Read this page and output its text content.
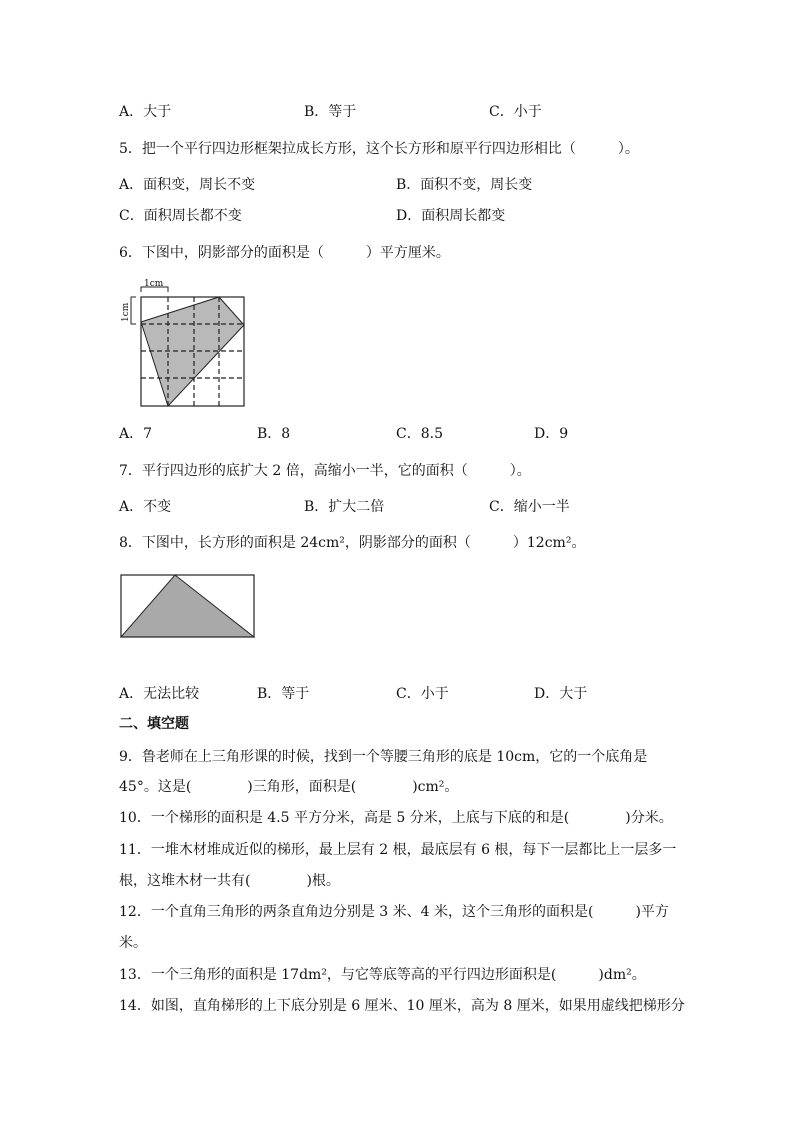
A．大于	B．等于	C．小于
5．把一个平行四边形框架拉成长方形，这个长方形和原平行四边形相比（　　　）。
A．面积变，周长不变	B．面积不变，周长变
C．面积周长都不变	D．面积周长都变
6．下图中，阴影部分的面积是（　　　）平方厘米。
1cm
1cm
A．7	B．8	C．8.5	D．9
7．平行四边形的底扩大 2 倍，高缩小一半，它的面积（　　　）。
A．不变	B．扩大二倍	C．缩小一半
8．下图中，长方形的面积是 24cm²，阴影部分的面积（　　　）12cm²。
A．无法比较	B．等于	C．小于	D．大于
二、填空题
9．鲁老师在上三角形课的时候，找到一个等腰三角形的底是 10cm，它的一个底角是
45°。这是(　　　　)三角形，面积是(　　　　)cm²。
10．一个梯形的面积是 4.5 平方分米，高是 5 分米，上底与下底的和是(　　　　)分米。
11．一堆木材堆成近似的梯形，最上层有 2 根，最底层有 6 根，每下一层都比上一层多一
根，这堆木材一共有(　　　　)根。
12．一个直角三角形的两条直角边分别是 3 米、4 米，这个三角形的面积是(　　　)平方
米。
13．一个三角形的面积是 17dm²，与它等底等高的平行四边形面积是(　　　)dm²。
14．如图，直角梯形的上下底分别是 6 厘米、10 厘米，高为 8 厘米，如果用虚线把梯形分
